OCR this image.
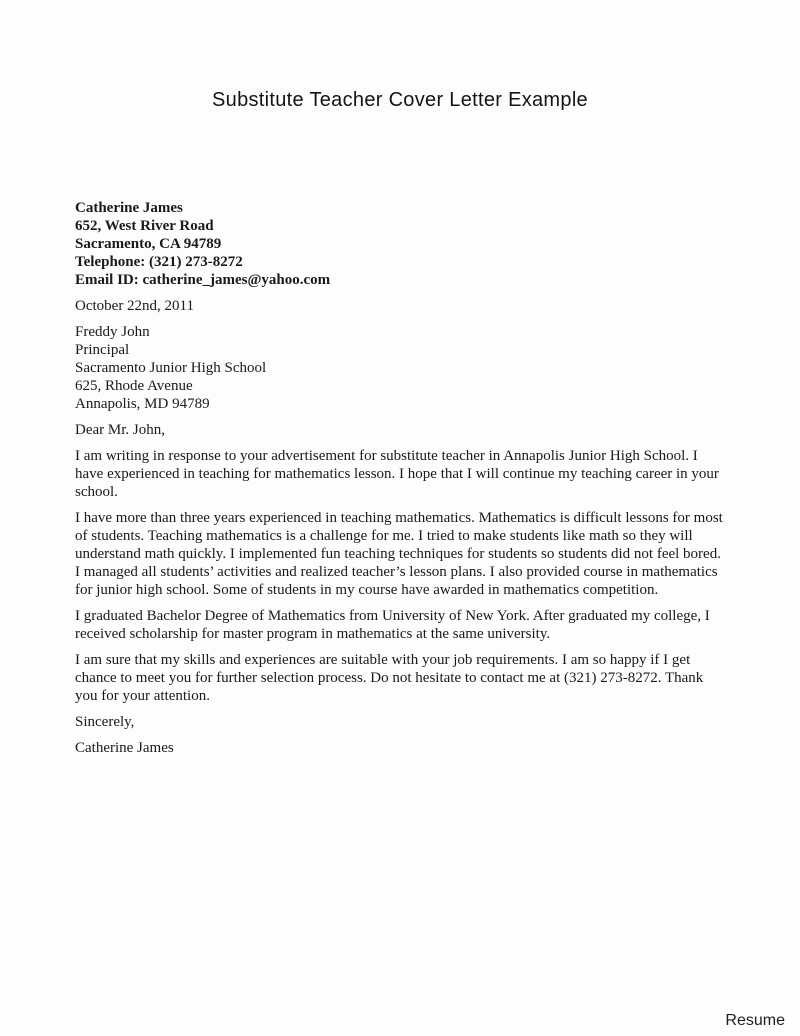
Substitute Teacher Cover Letter Example
Catherine James
652, West River Road
Sacramento, CA 94789
Telephone: (321) 273-8272
Email ID: catherine_james@yahoo.com

October 22nd, 2011

Freddy John
Principal
Sacramento Junior High School
625, Rhode Avenue
Annapolis, MD 94789

Dear Mr. John,

I am writing in response to your advertisement for substitute teacher in Annapolis Junior High School. I have experienced in teaching for mathematics lesson. I hope that I will continue my teaching career in your school.

I have more than three years experienced in teaching mathematics. Mathematics is difficult lessons for most of students. Teaching mathematics is a challenge for me. I tried to make students like math so they will understand math quickly. I implemented fun teaching techniques for students so students did not feel bored. I managed all students’ activities and realized teacher’s lesson plans. I also provided course in mathematics for junior high school. Some of students in my course have awarded in mathematics competition.

I graduated Bachelor Degree of Mathematics from University of New York. After graduated my college, I received scholarship for master program in mathematics at the same university.

I am sure that my skills and experiences are suitable with your job requirements. I am so happy if I get chance to meet you for further selection process. Do not hesitate to contact me at (321) 273-8272. Thank you for your attention.

Sincerely,

Catherine James

Resume
